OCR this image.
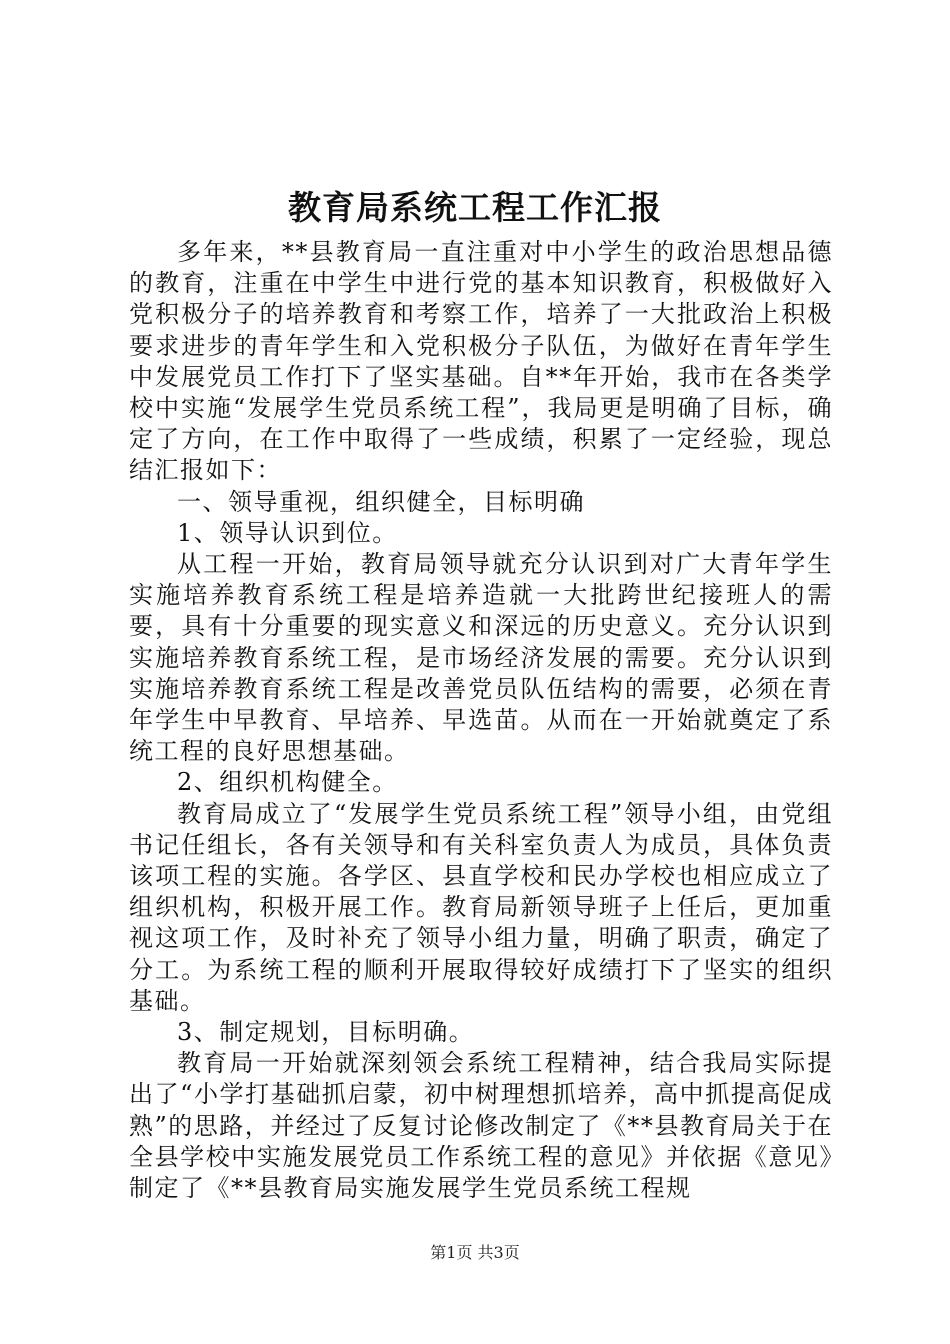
教育局系统工程工作汇报

多年来，**县教育局一直注重对中小学生的政治思想品德的教育，注重在中学生中进行党的基本知识教育，积极做好入党积极分子的培养教育和考察工作，培养了一大批政治上积极要求进步的青年学生和入党积极分子队伍，为做好在青年学生中发展党员工作打下了坚实基础。自**年开始，我市在各类学校中实施“发展学生党员系统工程”，我局更是明确了目标，确定了方向，在工作中取得了一些成绩，积累了一定经验，现总结汇报如下：

一、领导重视，组织健全，目标明确

1、领导认识到位。

从工程一开始，教育局领导就充分认识到对广大青年学生实施培养教育系统工程是培养造就一大批跨世纪接班人的需要，具有十分重要的现实意义和深远的历史意义。充分认识到实施培养教育系统工程，是市场经济发展的需要。充分认识到实施培养教育系统工程是改善党员队伍结构的需要，必须在青年学生中早教育、早培养、早选苗。从而在一开始就奠定了系统工程的良好思想基础。

2、组织机构健全。

教育局成立了“发展学生党员系统工程”领导小组，由党组书记任组长，各有关领导和有关科室负责人为成员，具体负责该项工程的实施。各学区、县直学校和民办学校也相应成立了组织机构，积极开展工作。教育局新领导班子上任后，更加重视这项工作，及时补充了领导小组力量，明确了职责，确定了分工。为系统工程的顺利开展取得较好成绩打下了坚实的组织基础。

3、制定规划，目标明确。

教育局一开始就深刻领会系统工程精神，结合我局实际提出了“小学打基础抓启蒙，初中树理想抓培养，高中抓提高促成熟”的思路，并经过了反复讨论修改制定了《**县教育局关于在全县学校中实施发展党员工作系统工程的意见》并依据《意见》制定了《**县教育局实施发展学生党员系统工程规

第1页 共3页
